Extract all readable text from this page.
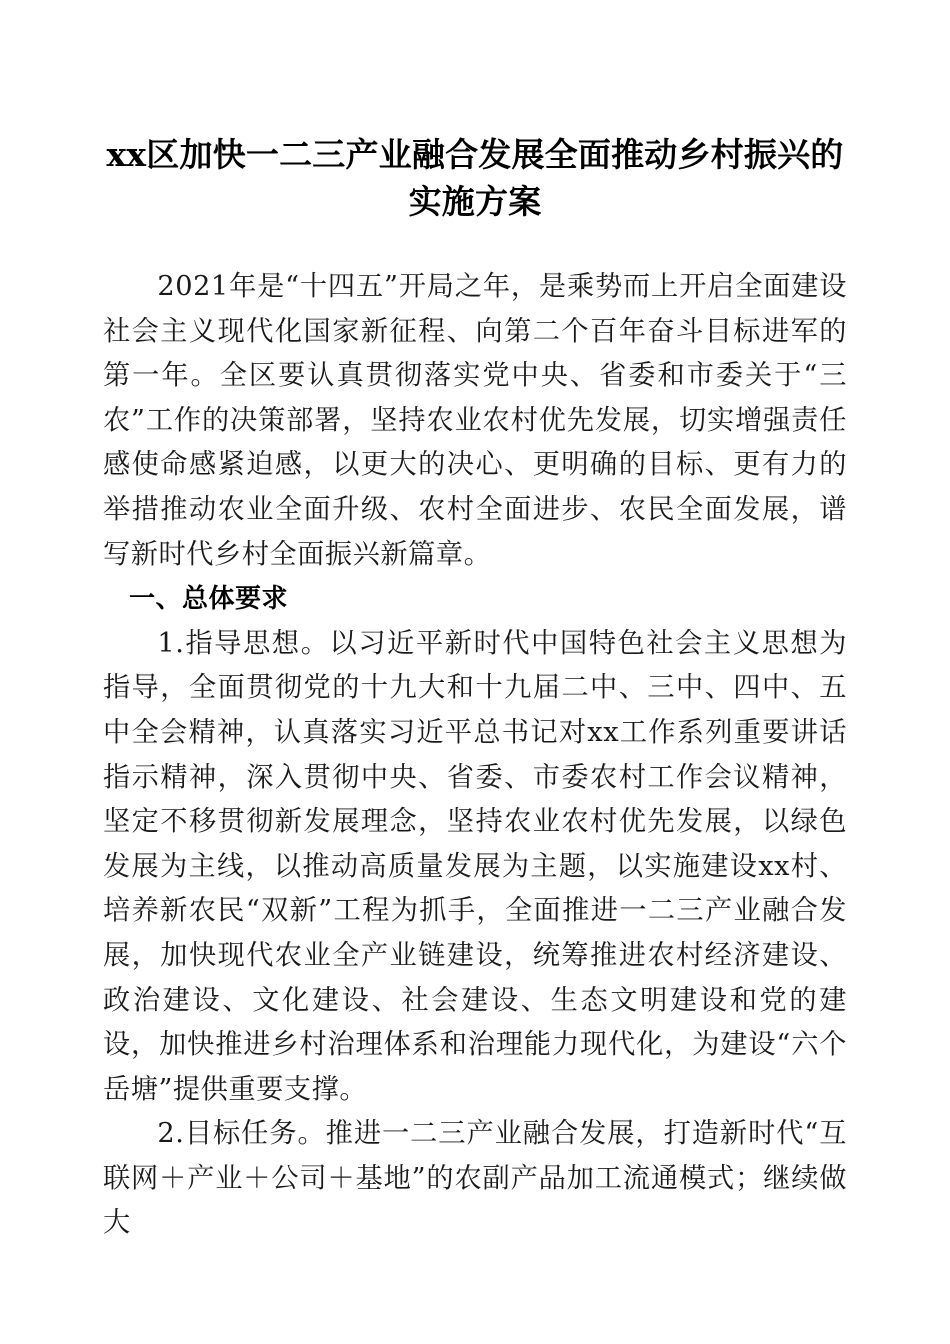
xx区加快一二三产业融合发展全面推动乡村振兴的实施方案

2021年是“十四五”开局之年，是乘势而上开启全面建设社会主义现代化国家新征程、向第二个百年奋斗目标进军的第一年。全区要认真贯彻落实党中央、省委和市委关于“三农”工作的决策部署，坚持农业农村优先发展，切实增强责任感使命感紧迫感，以更大的决心、更明确的目标、更有力的举措推动农业全面升级、农村全面进步、农民全面发展，谱写新时代乡村全面振兴新篇章。

一、总体要求

1.指导思想。以习近平新时代中国特色社会主义思想为指导，全面贯彻党的十九大和十九届二中、三中、四中、五中全会精神，认真落实习近平总书记对xx工作系列重要讲话指示精神，深入贯彻中央、省委、市委农村工作会议精神，坚定不移贯彻新发展理念，坚持农业农村优先发展，以绿色发展为主线，以推动高质量发展为主题，以实施建设xx村、培养新农民“双新”工程为抓手，全面推进一二三产业融合发展，加快现代农业全产业链建设，统筹推进农村经济建设、政治建设、文化建设、社会建设、生态文明建设和党的建设，加快推进乡村治理体系和治理能力现代化，为建设“六个岳塘”提供重要支撑。

2.目标任务。推进一二三产业融合发展，打造新时代“互联网＋产业＋公司＋基地”的农副产品加工流通模式；继续做大
